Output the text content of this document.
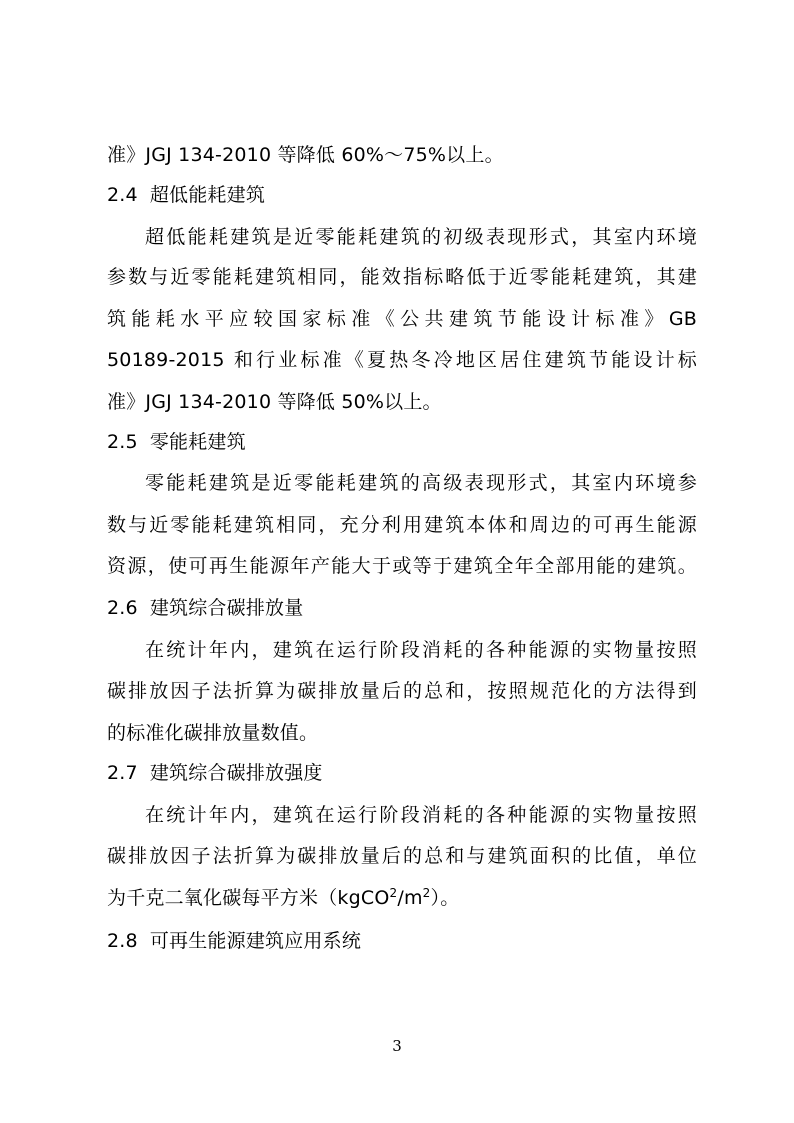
准》JGJ 134-2010 等降低 60%～75%以上。
2.4 超低能耗建筑
超低能耗建筑是近零能耗建筑的初级表现形式，其室内环境
参数与近零能耗建筑相同，能效指标略低于近零能耗建筑，其建
筑能耗水平应较国家标准《公共建筑节能设计标准》GB
50189-2015 和行业标准《夏热冬冷地区居住建筑节能设计标
准》JGJ 134-2010 等降低 50%以上。
2.5 零能耗建筑
零能耗建筑是近零能耗建筑的高级表现形式，其室内环境参
数与近零能耗建筑相同，充分利用建筑本体和周边的可再生能源
资源，使可再生能源年产能大于或等于建筑全年全部用能的建筑。
2.6 建筑综合碳排放量
在统计年内，建筑在运行阶段消耗的各种能源的实物量按照
碳排放因子法折算为碳排放量后的总和，按照规范化的方法得到
的标准化碳排放量数值。
2.7 建筑综合碳排放强度
在统计年内，建筑在运行阶段消耗的各种能源的实物量按照
碳排放因子法折算为碳排放量后的总和与建筑面积的比值，单位
为千克二氧化碳每平方米$(kgCO^2/m^2)$。
2.8 可再生能源建筑应用系统
3
